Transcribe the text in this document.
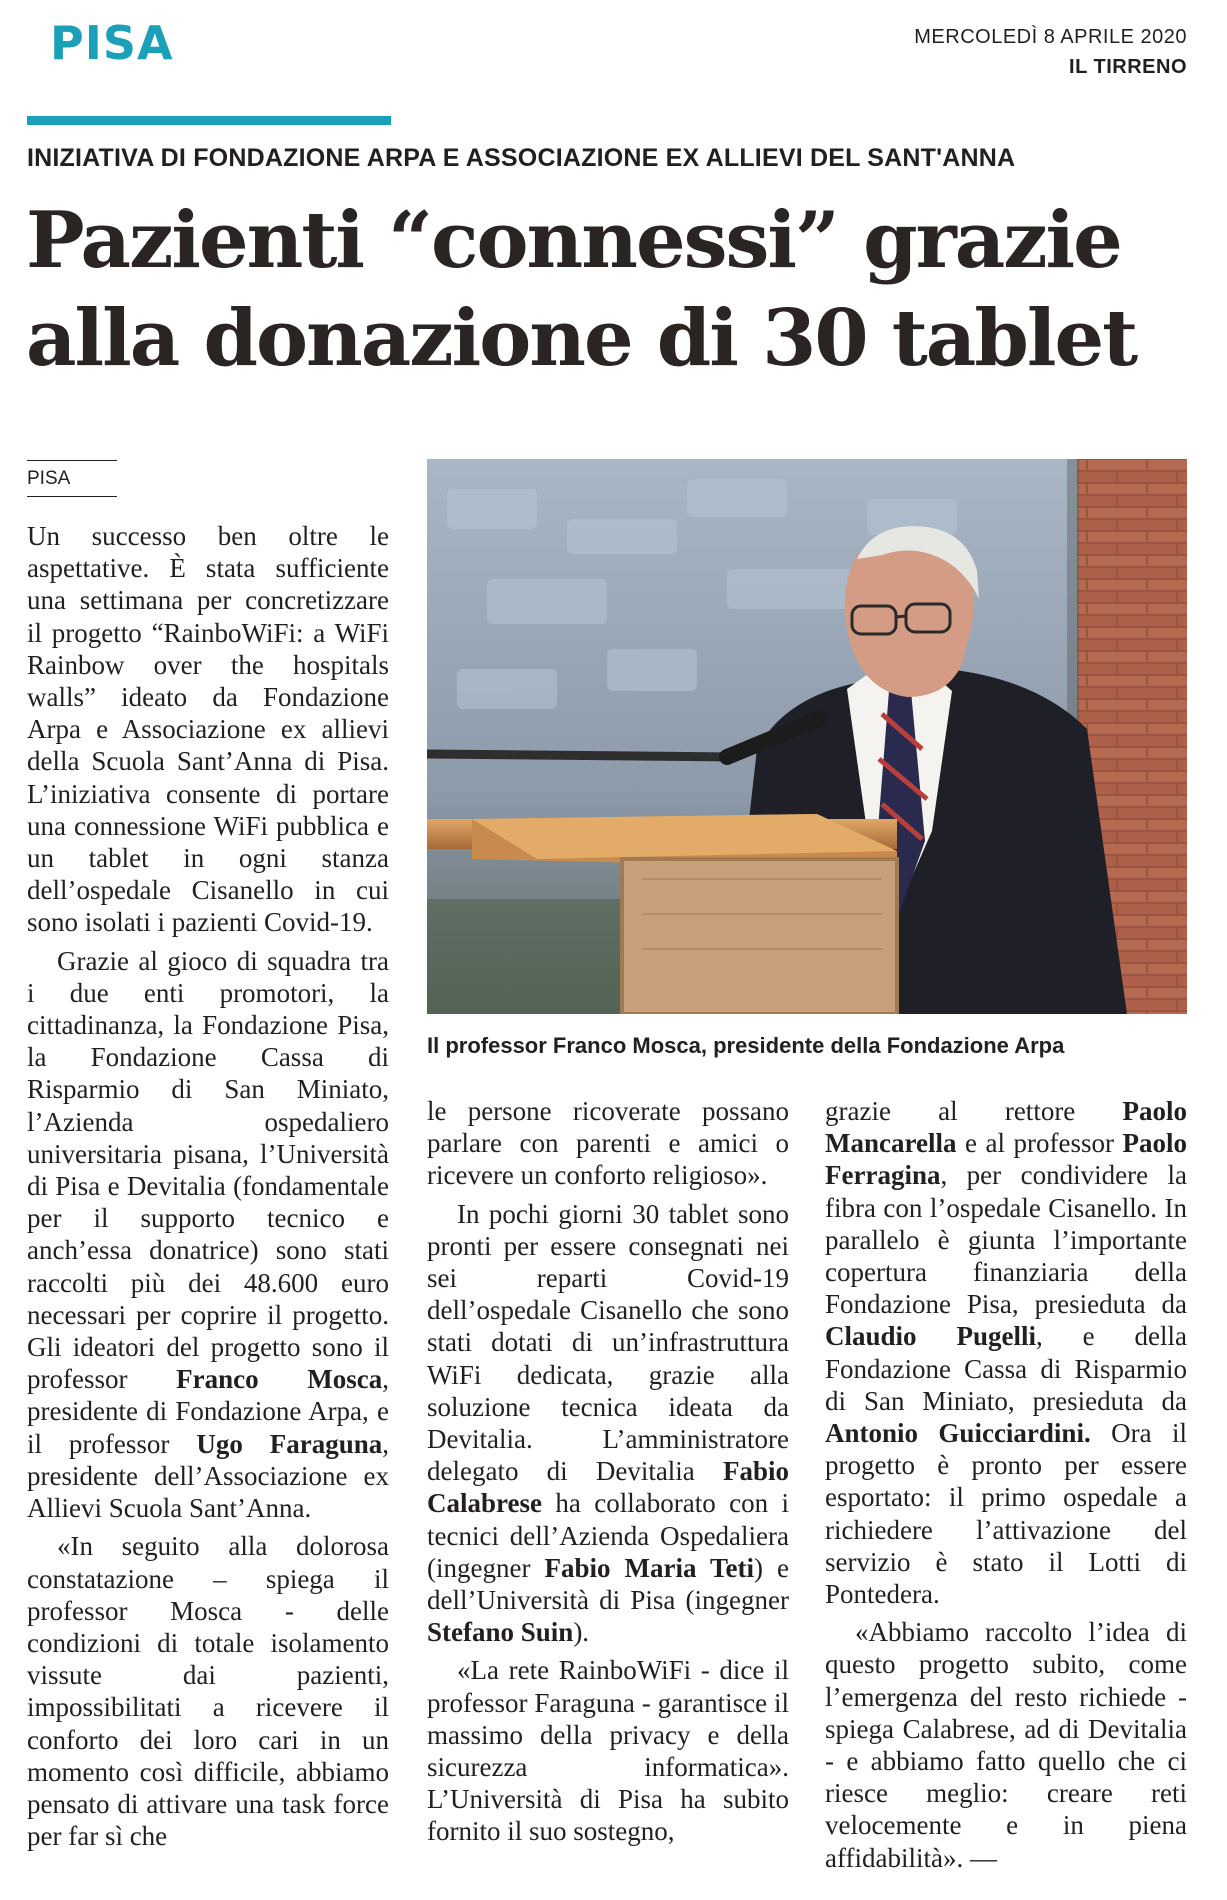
PISA	MERCOLEDÌ 8 APRILE 2020
IL TIRRENO
INIZIATIVA DI FONDAZIONE ARPA E ASSOCIAZIONE EX ALLIEVI DEL SANT'ANNA
Pazienti “connessi” grazie
alla donazione di 30 tablet
PISA

Un successo ben oltre le aspettative. È stata sufficiente una settimana per concretizzare il progetto “RainboWiFi: a WiFi Rainbow over the hospitals walls” ideato da Fondazione Arpa e Associazione ex allievi della Scuola Sant’Anna di Pisa. L’iniziativa consente di portare una connessione WiFi pubblica e un tablet in ogni stanza dell’ospedale Cisanello in cui sono isolati i pazienti Covid-19.

Grazie al gioco di squadra tra i due enti promotori, la cittadinanza, la Fondazione Pisa, la Fondazione Cassa di Risparmio di San Miniato, l’Azienda ospedaliero universitaria pisana, l’Università di Pisa e Devitalia (fondamentale per il supporto tecnico e anch’essa donatrice) sono stati raccolti più dei 48.600 euro necessari per coprire il progetto. Gli ideatori del progetto sono il professor Franco Mosca, presidente di Fondazione Arpa, e il professor Ugo Faraguna, presidente dell’Associazione ex Allievi Scuola Sant’Anna.

«In seguito alla dolorosa constatazione – spiega il professor Mosca - delle condizioni di totale isolamento vissute dai pazienti, impossibilitati a ricevere il conforto dei loro cari in un momento così difficile, abbiamo pensato di attivare una task force per far sì che

Il professor Franco Mosca, presidente della Fondazione Arpa

le persone ricoverate possano parlare con parenti e amici o ricevere un conforto religioso».

In pochi giorni 30 tablet sono pronti per essere consegnati nei sei reparti Covid-19 dell’ospedale Cisanello che sono stati dotati di un’infrastruttura WiFi dedicata, grazie alla soluzione tecnica ideata da Devitalia. L’amministratore delegato di Devitalia Fabio Calabrese ha collaborato con i tecnici dell’Azienda Ospedaliera (ingegner Fabio Maria Teti) e dell’Università di Pisa (ingegner Stefano Suin).

«La rete RainboWiFi - dice il professor Faraguna - garantisce il massimo della privacy e della sicurezza informatica». L’Università di Pisa ha subito fornito il suo sostegno,

grazie al rettore Paolo Mancarella e al professor Paolo Ferragina, per condividere la fibra con l’ospedale Cisanello. In parallelo è giunta l’importante copertura finanziaria della Fondazione Pisa, presieduta da Claudio Pugelli, e della Fondazione Cassa di Risparmio di San Miniato, presieduta da Antonio Guicciardini. Ora il progetto è pronto per essere esportato: il primo ospedale a richiedere l’attivazione del servizio è stato il Lotti di Pontedera.

«Abbiamo raccolto l’idea di questo progetto subito, come l’emergenza del resto richiede - spiega Calabrese, ad di Devitalia - e abbiamo fatto quello che ci riesce meglio: creare reti velocemente e in piena affidabilità». —
